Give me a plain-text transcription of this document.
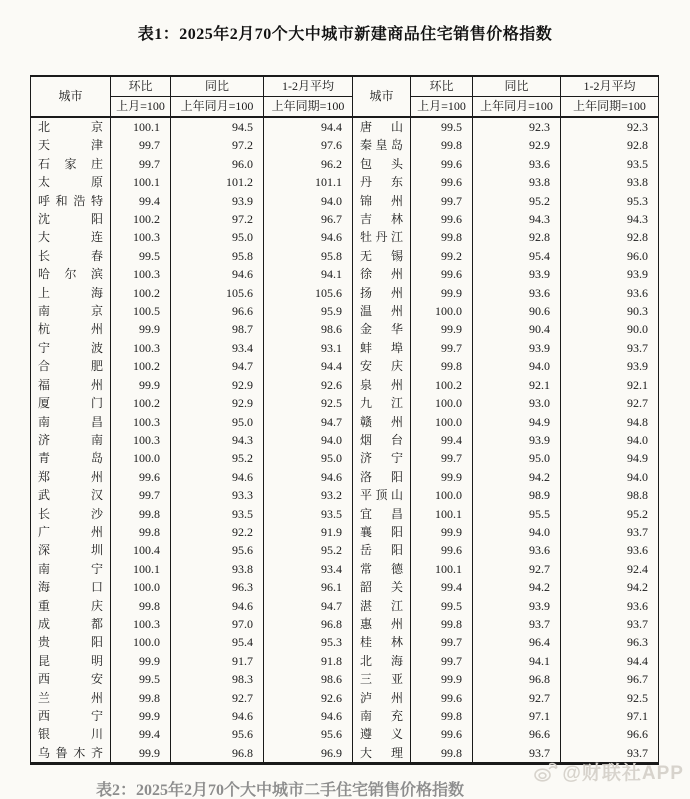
表1：2025年2月70个大中城市新建商品住宅销售价格指数
城市	环比	同比	1-2月平均	城市	环比	同比	1-2月平均
	上月=100	上年同月=100	上年同期=100		上月=100	上年同月=100	上年同期=100

北京	100.1	94.5	94.4	唐山	99.5	92.3	92.3

天津	99.7	97.2	97.6	秦皇岛	99.8	92.9	92.8

石家庄	99.7	96.0	96.2	包头	99.6	93.6	93.5

太原	100.1	101.2	101.1	丹东	99.6	93.8	93.8

呼和浩特	99.4	93.9	94.0	锦州	99.7	95.2	95.3

沈阳	100.2	97.2	96.7	吉林	99.6	94.3	94.3

大连	100.3	95.0	94.6	牡丹江	99.8	92.8	92.8

长春	99.5	95.8	95.8	无锡	99.2	95.4	96.0

哈尔滨	100.3	94.6	94.1	徐州	99.6	93.9	93.9

上海	100.2	105.6	105.6	扬州	99.9	93.6	93.6

南京	100.5	96.6	95.9	温州	100.0	90.6	90.3

杭州	99.9	98.7	98.6	金华	99.9	90.4	90.0

宁波	100.3	93.4	93.1	蚌埠	99.7	93.9	93.7

合肥	100.2	94.7	94.4	安庆	99.8	94.0	93.9

福州	99.9	92.9	92.6	泉州	100.2	92.1	92.1

厦门	100.2	92.9	92.5	九江	100.0	93.0	92.7

南昌	100.3	95.0	94.7	赣州	100.0	94.9	94.8

济南	100.3	94.3	94.0	烟台	99.4	93.9	94.0

青岛	100.0	95.2	95.0	济宁	99.7	95.0	94.9

郑州	99.6	94.6	94.6	洛阳	99.9	94.2	94.0

武汉	99.7	93.3	93.2	平顶山	100.0	98.9	98.8

长沙	99.8	93.5	93.5	宜昌	100.1	95.5	95.2

广州	99.8	92.2	91.9	襄阳	99.9	94.0	93.7

深圳	100.4	95.6	95.2	岳阳	99.6	93.6	93.6

南宁	100.1	93.8	93.4	常德	100.1	92.7	92.4

海口	100.0	96.3	96.1	韶关	99.4	94.2	94.2

重庆	99.8	94.6	94.7	湛江	99.5	93.9	93.6

成都	100.3	97.0	96.8	惠州	99.8	93.7	93.7

贵阳	100.0	95.4	95.3	桂林	99.7	96.4	96.3

昆明	99.9	91.7	91.8	北海	99.7	94.1	94.4

西安	99.5	98.3	98.6	三亚	99.9	96.8	96.7

兰州	99.8	92.7	92.6	泸州	99.6	92.7	92.5

西宁	99.9	94.6	94.6	南充	99.8	97.1	97.1

银川	99.4	95.6	95.6	遵义	99.6	96.6	96.6

乌鲁木齐	99.9	96.8	96.9	大理	99.8	93.7	93.7
@财联社APP
表2：2025年2月70个大中城市二手住宅销售价格指数
